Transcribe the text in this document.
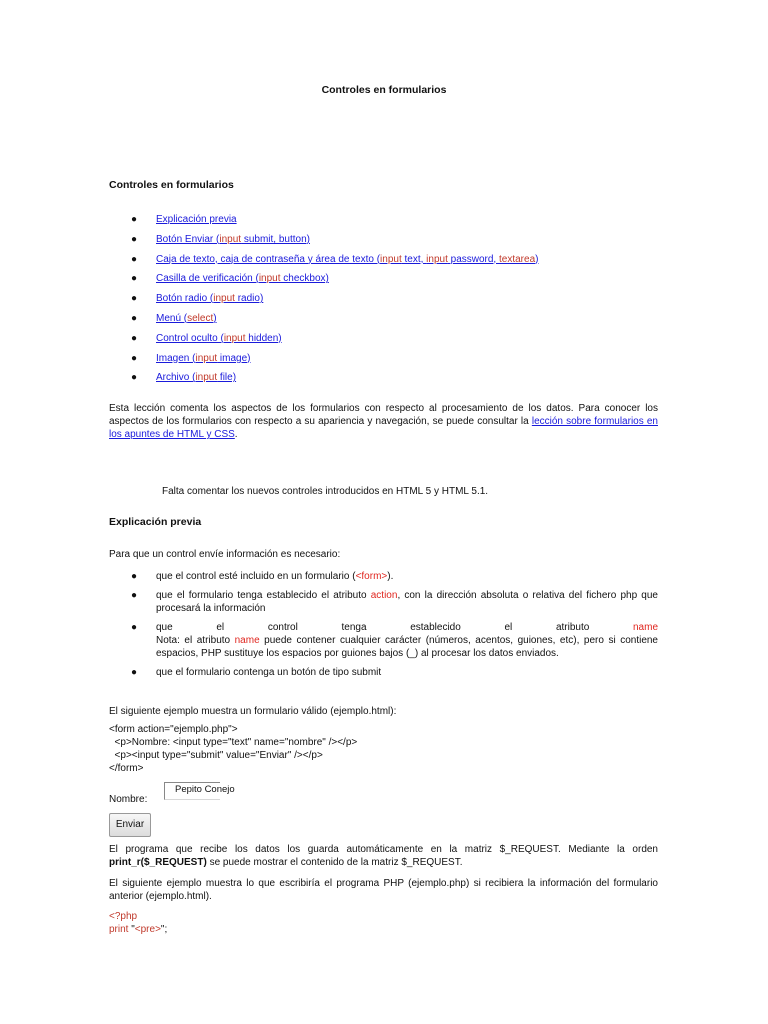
Controles en formularios
Controles en formularios
● Explicación previa
● Botón Enviar (input submit, button)
● Caja de texto, caja de contraseña y área de texto (input text, input password, textarea)
● Casilla de verificación (input checkbox)
● Botón radio (input radio)
● Menú (select)
● Control oculto (input hidden)
● Imagen (input image)
● Archivo (input file)

Esta lección comenta los aspectos de los formularios con respecto al procesamiento de los datos. Para conocer los aspectos de los formularios con respecto a su apariencia y navegación, se puede consultar la lección sobre formularios en los apuntes de HTML y CSS.

Falta comentar los nuevos controles introducidos en HTML 5 y HTML 5.1.
Explicación previa
Para que un control envíe información es necesario:
● que el control esté incluido en un formulario (<form>).
● que el formulario tenga establecido el atributo action, con la dirección absoluta o relativa del fichero php que procesará la información
● que	el	control	tenga	establecido	el	atributo	name
Nota: el atributo name puede contener cualquier carácter (números, acentos, guiones, etc), pero si contiene espacios, PHP sustituye los espacios por guiones bajos (_) al procesar los datos enviados.
● que el formulario contenga un botón de tipo submit
El siguiente ejemplo muestra un formulario válido (ejemplo.html):
<form action="ejemplo.php">
<p>Nombre: <input type="text" name="nombre" /></p>
<p><input type="submit" value="Enviar" /></p>
</form>
Nombre:
Pepito Conejo
Enviar

El programa que recibe los datos los guarda automáticamente en la matriz $_REQUEST. Mediante la orden print_r($_REQUEST) se puede mostrar el contenido de la matriz $_REQUEST.

El siguiente ejemplo muestra lo que escribiría el programa PHP (ejemplo.php) si recibiera la información del formulario anterior (ejemplo.html).

<?php
print "<pre>";
